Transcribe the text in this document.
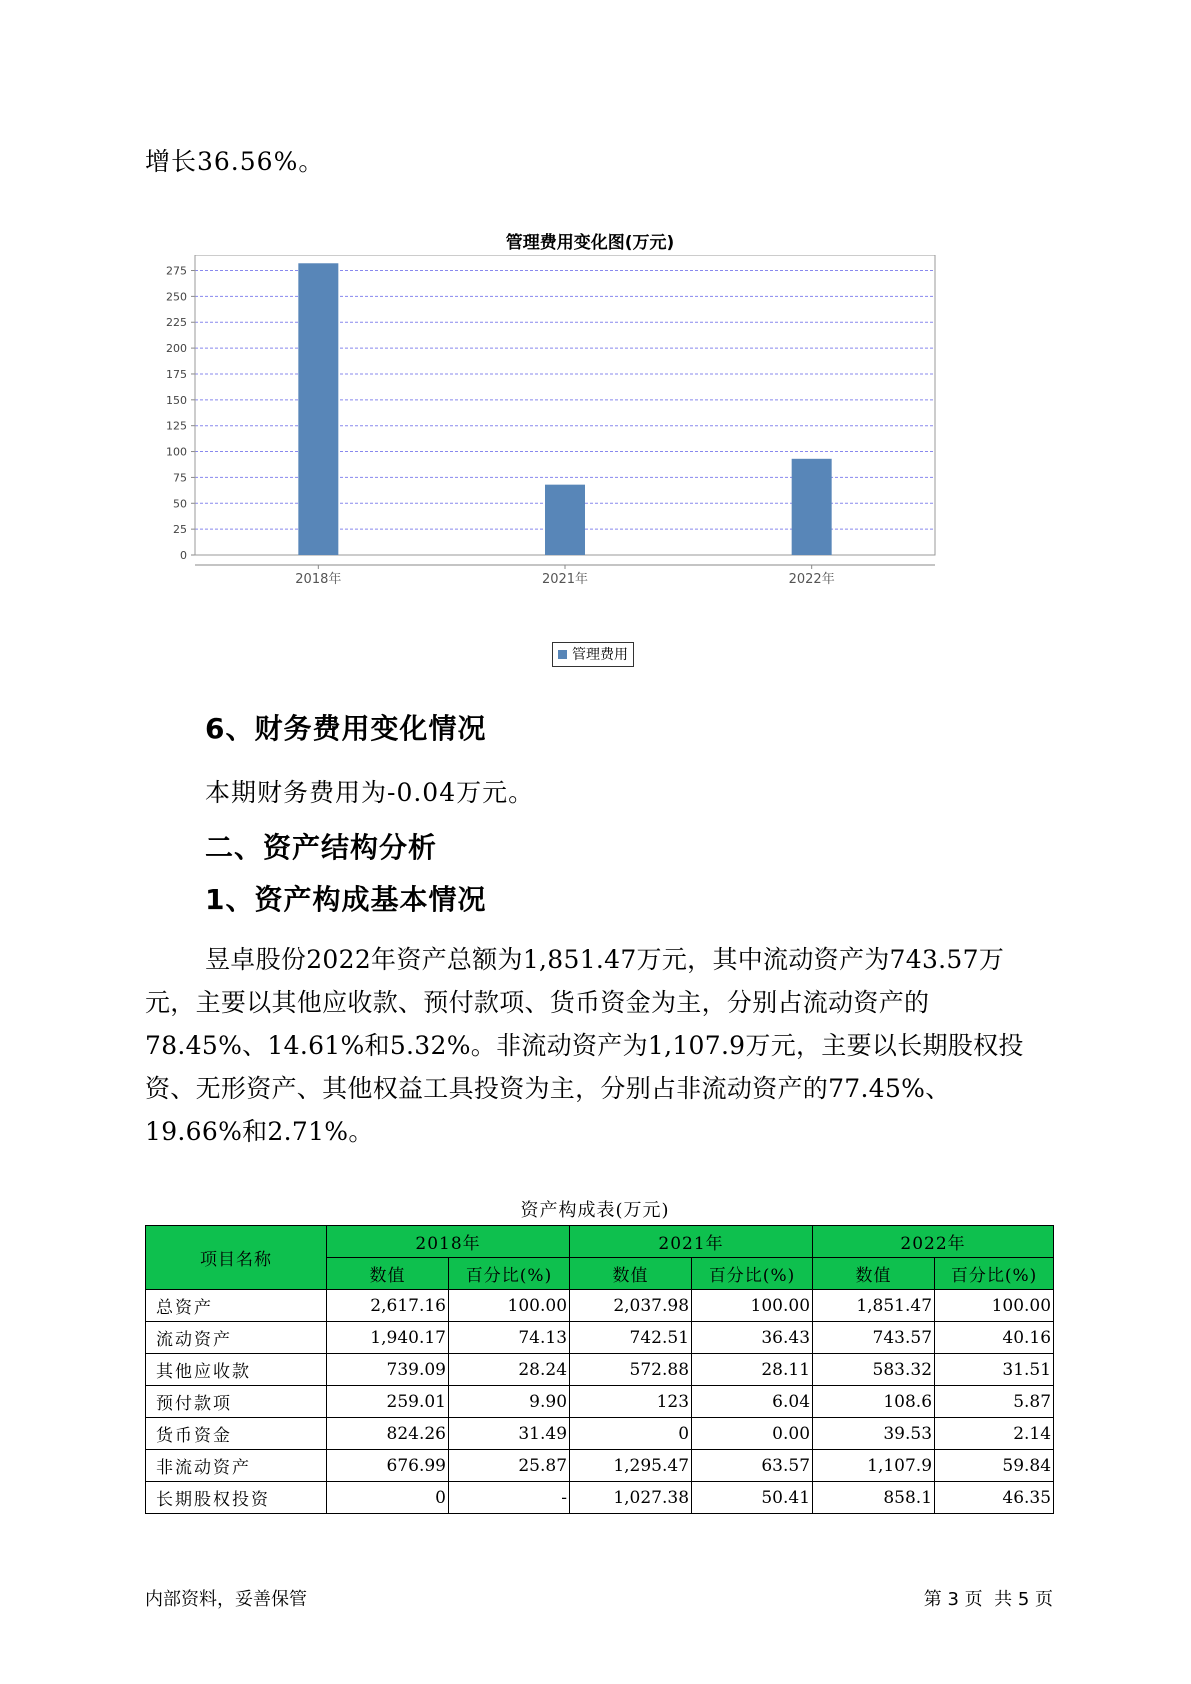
增长36.56%。
管理费用变化图(万元)
0
25
50
75
100
125
150
175
200
225
250
275
2018年	2021年	2022年
管理费用
6、财务费用变化情况
本期财务费用为-0.04万元。
二、资产结构分析
1、资产构成基本情况
昱卓股份2022年资产总额为1,851.47万元，其中流动资产为743.57万
元，主要以其他应收款、预付款项、货币资金为主，分别占流动资产的
78.45%、14.61%和5.32%。非流动资产为1,107.9万元，主要以长期股权投
资、无形资产、其他权益工具投资为主，分别占非流动资产的77.45%、
19.66%和2.71%。
资产构成表(万元)
项目名称	2018年		2021年		2022年	
	数值	百分比(%)	数值	百分比(%)	数值	百分比(%)
总资产	2,617.16	100.00	2,037.98	100.00	1,851.47	100.00
流动资产	1,940.17	74.13	742.51	36.43	743.57	40.16
其他应收款	739.09	28.24	572.88	28.11	583.32	31.51
预付款项	259.01	9.90	123	6.04	108.6	5.87
货币资金	824.26	31.49	0	0.00	39.53	2.14
非流动资产	676.99	25.87	1,295.47	63.57	1,107.9	59.84
长期股权投资	0	-	1,027.38	50.41	858.1	46.35
内部资料，妥善保管	第 3 页  共 5 页
